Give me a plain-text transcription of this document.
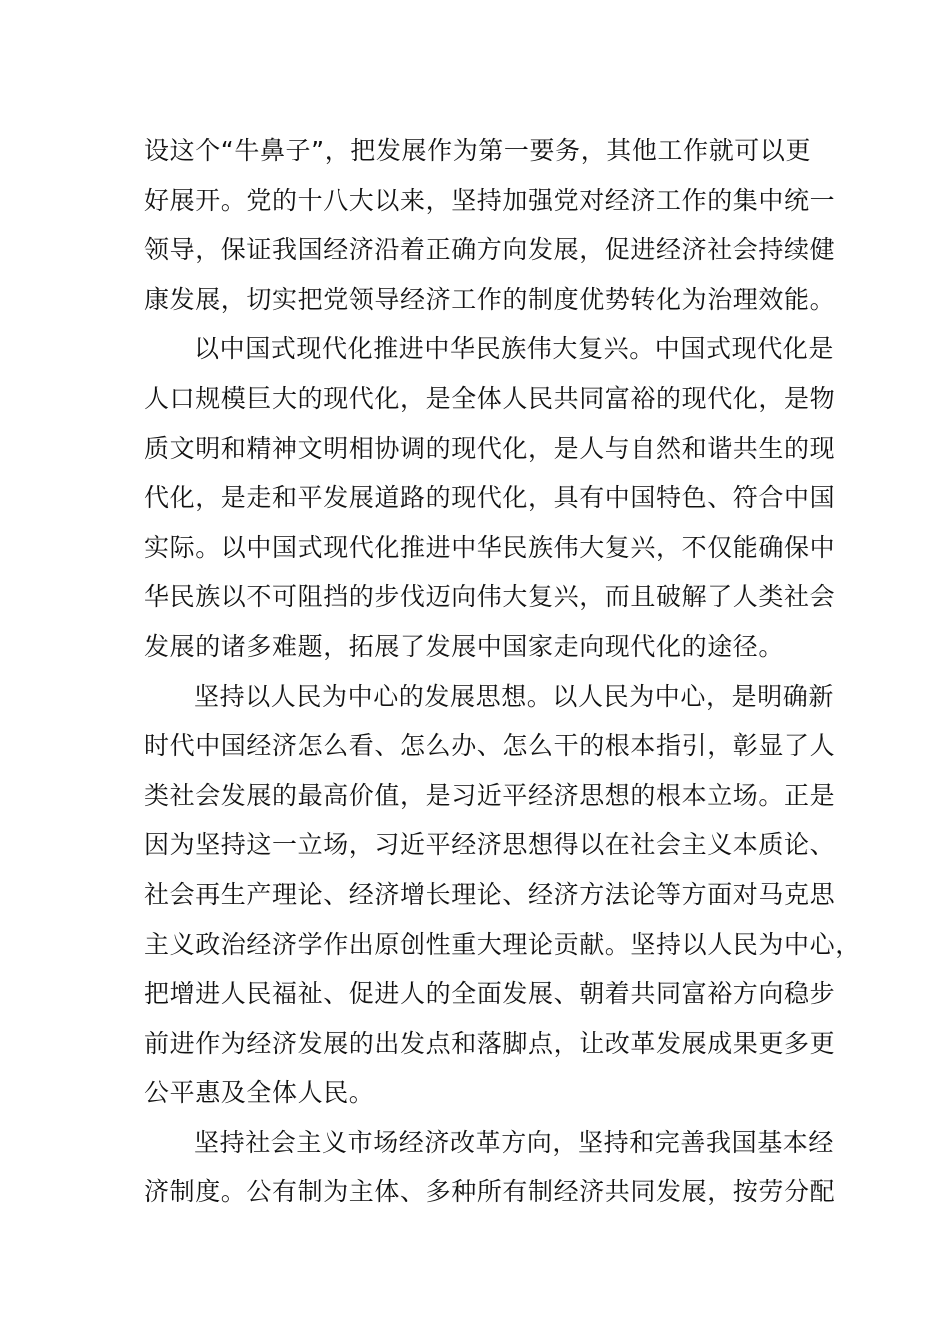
设这个“牛鼻子”，把发展作为第一要务，其他工作就可以更
好展开。党的十八大以来，坚持加强党对经济工作的集中统一
领导，保证我国经济沿着正确方向发展，促进经济社会持续健
康发展，切实把党领导经济工作的制度优势转化为治理效能。
以中国式现代化推进中华民族伟大复兴。中国式现代化是
人口规模巨大的现代化，是全体人民共同富裕的现代化，是物
质文明和精神文明相协调的现代化，是人与自然和谐共生的现
代化，是走和平发展道路的现代化，具有中国特色、符合中国
实际。以中国式现代化推进中华民族伟大复兴，不仅能确保中
华民族以不可阻挡的步伐迈向伟大复兴，而且破解了人类社会
发展的诸多难题，拓展了发展中国家走向现代化的途径。
坚持以人民为中心的发展思想。以人民为中心，是明确新
时代中国经济怎么看、怎么办、怎么干的根本指引，彰显了人
类社会发展的最高价值，是习近平经济思想的根本立场。正是
因为坚持这一立场，习近平经济思想得以在社会主义本质论、
社会再生产理论、经济增长理论、经济方法论等方面对马克思
主义政治经济学作出原创性重大理论贡献。坚持以人民为中心，
把增进人民福祉、促进人的全面发展、朝着共同富裕方向稳步
前进作为经济发展的出发点和落脚点，让改革发展成果更多更
公平惠及全体人民。
坚持社会主义市场经济改革方向，坚持和完善我国基本经
济制度。公有制为主体、多种所有制经济共同发展，按劳分配
